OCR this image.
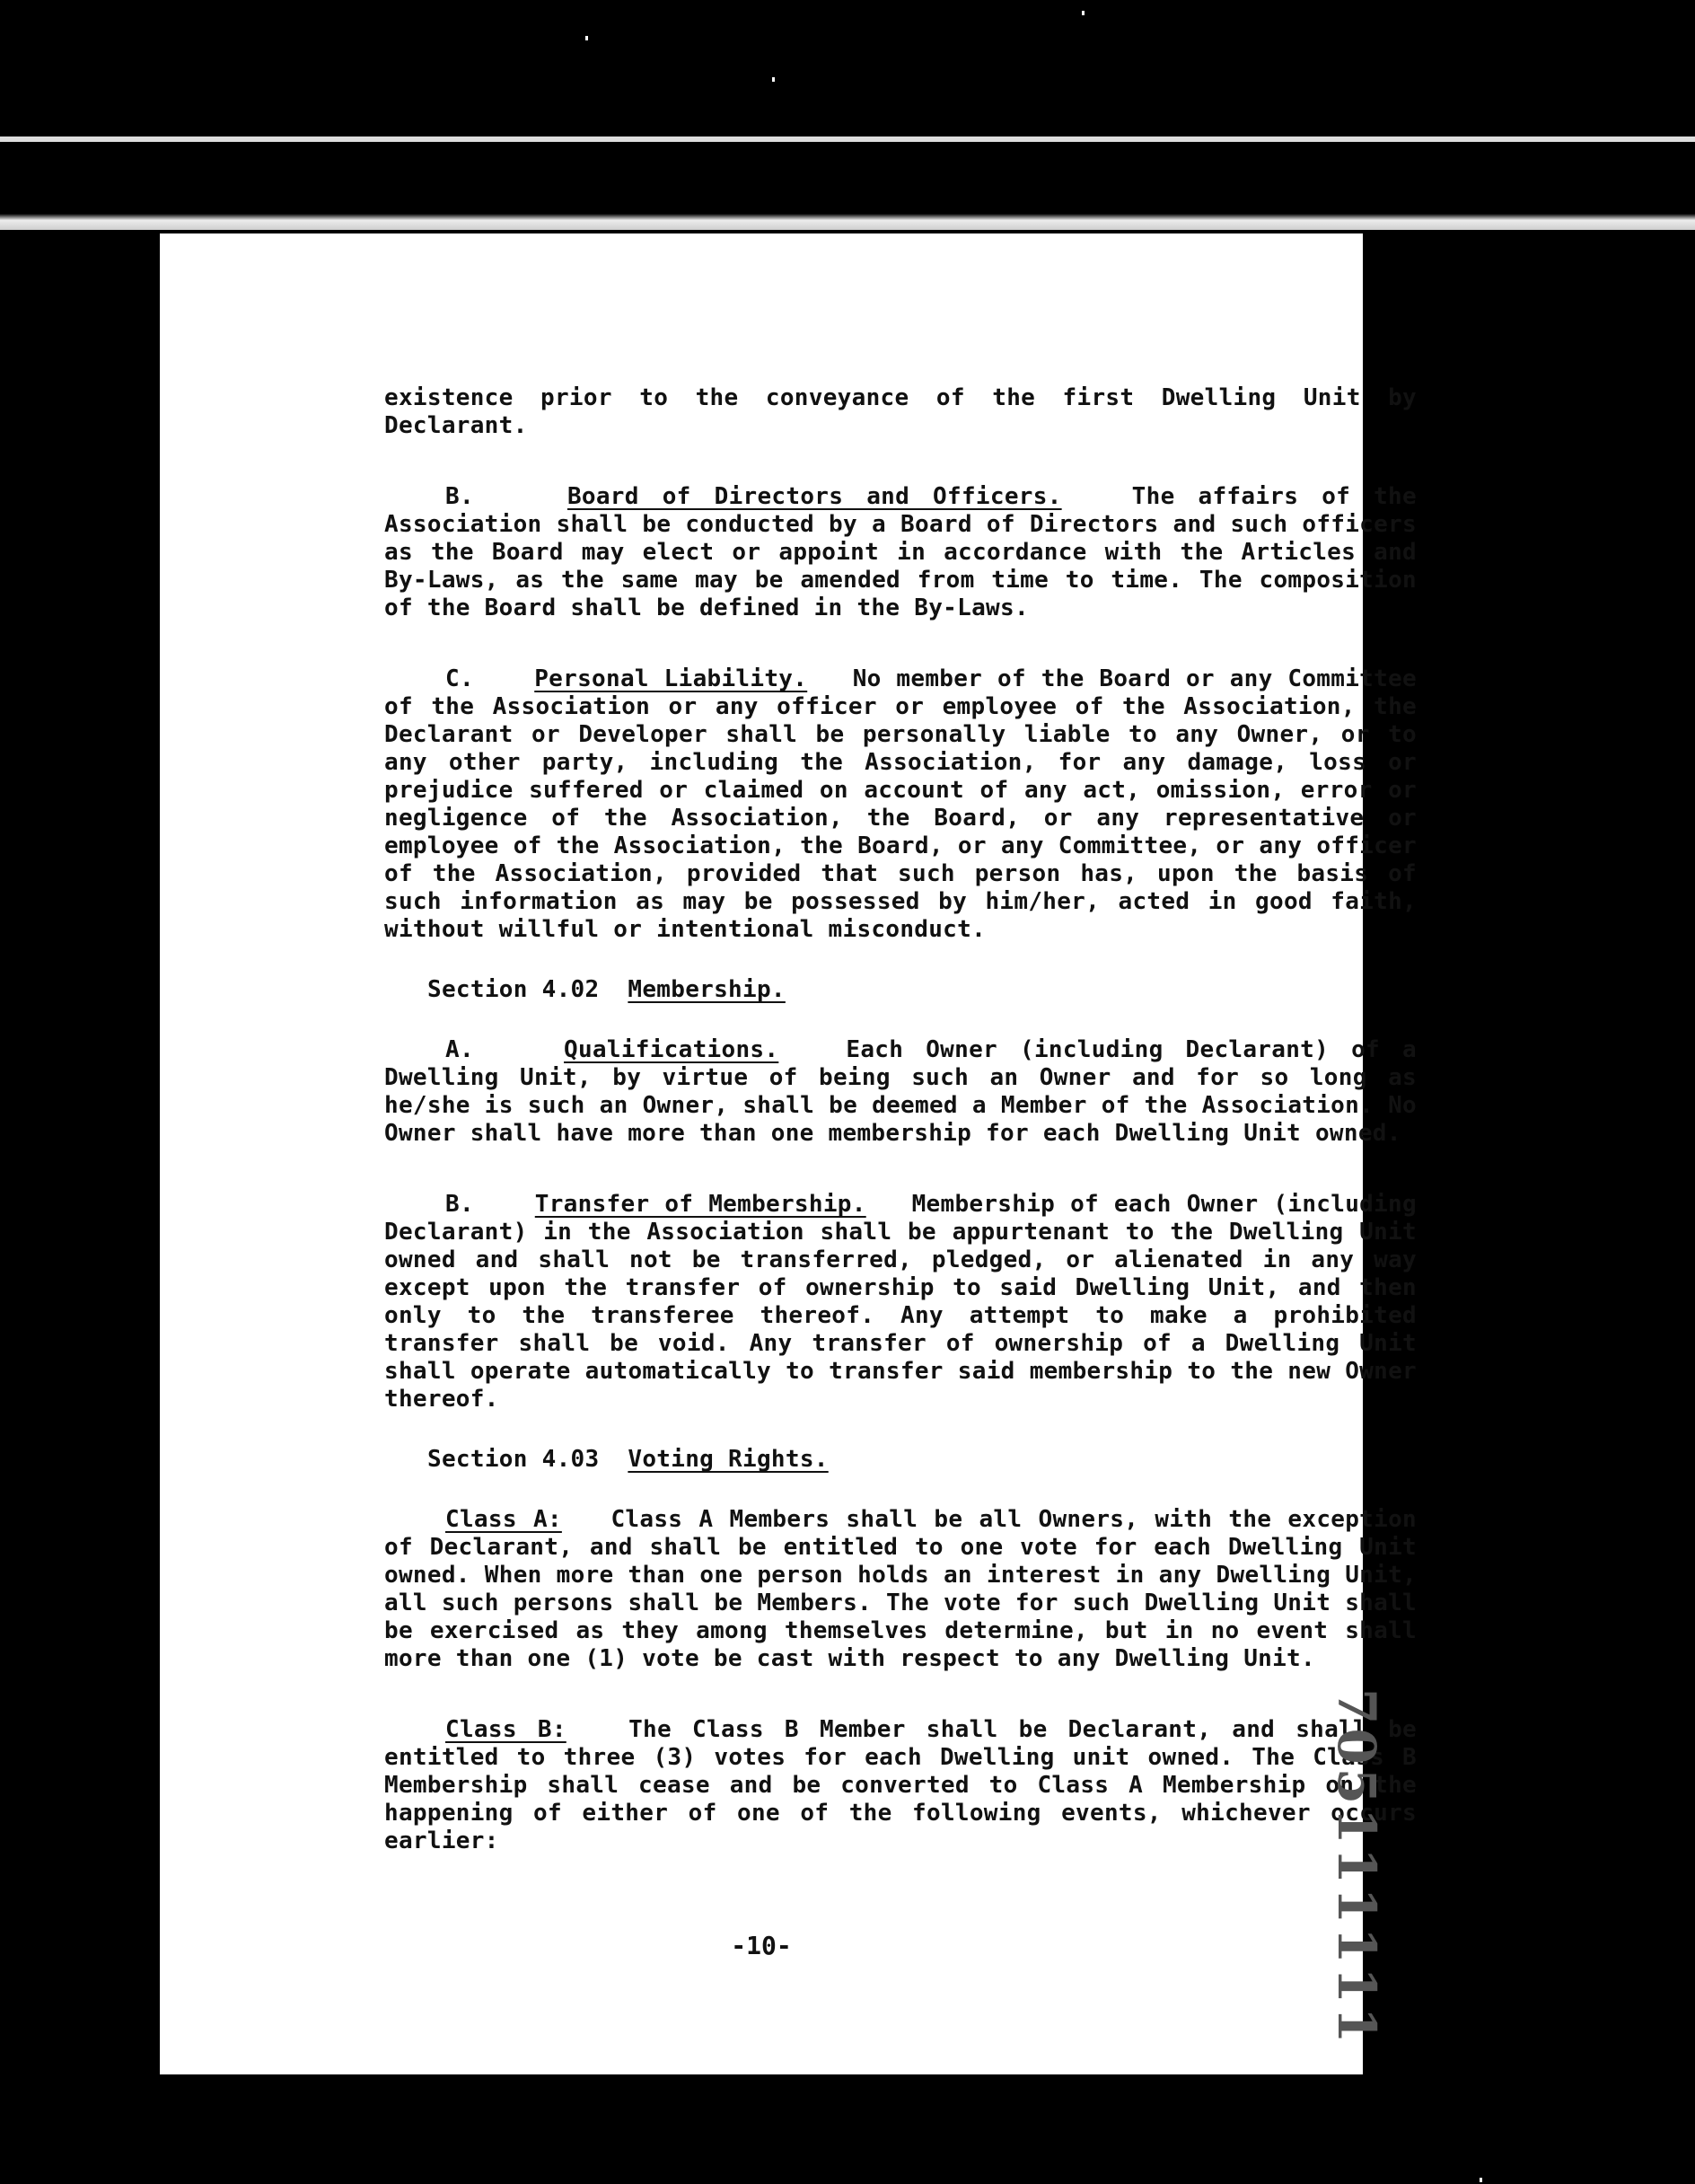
existence prior to the conveyance of the first Dwelling Unit by Declarant.

B.	Board of Directors and Officers.	The affairs of the Association shall be conducted by a Board of Directors and such officers as the Board may elect or appoint in accordance with the Articles and By-Laws, as the same may be amended from time to time. The composition of the Board shall be defined in the By-Laws.

C.	Personal Liability. No member of the Board or any Committee of the Association or any officer or employee of the Association, the Declarant or Developer shall be personally liable to any Owner, or to any other party, including the Association, for any damage, loss or prejudice suffered or claimed on account of any act, omission, error or negligence of the Association, the Board, or any representative or employee of the Association, the Board, or any Committee, or any officer of the Association, provided that such person has, upon the basis of such information as may be possessed by him/her, acted in good faith, without willful or intentional misconduct.

Section 4.02 Membership.

A.	Qualifications.	Each Owner (including Declarant) of a Dwelling Unit, by virtue of being such an Owner and for so long as he/she is such an Owner, shall be deemed a Member of the Association. No Owner shall have more than one membership for each Dwelling Unit owned.

B.	Transfer of Membership. Membership of each Owner (including Declarant) in the Association shall be appurtenant to the Dwelling Unit owned and shall not be transferred, pledged, or alienated in any way except upon the transfer of ownership to said Dwelling Unit, and then only to the transferee thereof. Any attempt to make a prohibited transfer shall be void. Any transfer of ownership of a Dwelling Unit shall operate automatically to transfer said membership to the new Owner thereof.

Section 4.03 Voting Rights.

Class A: Class A Members shall be all Owners, with the exception of Declarant, and shall be entitled to one vote for each Dwelling Unit owned. When more than one person holds an interest in any Dwelling Unit, all such persons shall be Members. The vote for such Dwelling Unit shall be exercised as they among themselves determine, but in no event shall more than one (1) vote be cast with respect to any Dwelling Unit.

Class B:	The Class B Member shall be Declarant, and shall be entitled to three (3) votes for each Dwelling unit owned. The Class B Membership shall cease and be converted to Class A Membership on the happening of either of one of the following events, whichever occurs earlier:

-10-	705111111
